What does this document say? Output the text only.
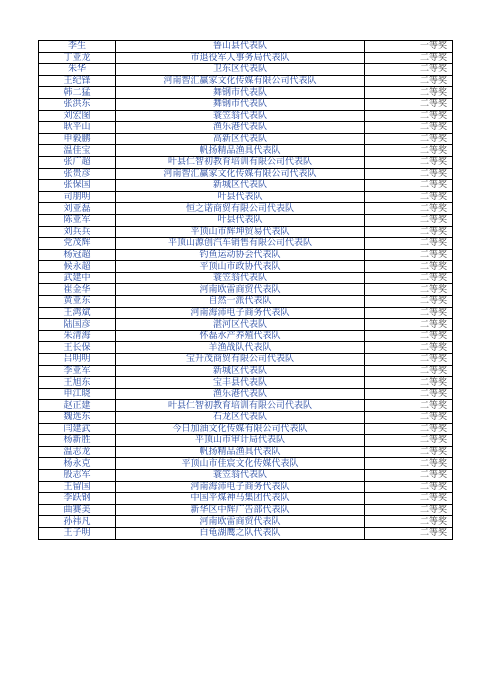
李生	鲁山县代表队	一等奖
丁亚龙	市退役军人事务局代表队	二等奖
朱华	卫东区代表队	二等奖
王纪锋	河南智汇赢家文化传媒有限公司代表队	二等奖
韩二猛	舞钢市代表队	二等奖
张洪东	舞钢市代表队	二等奖
刘宏图	蓑笠翁代表队	二等奖
耿平山	渔乐港代表队	二等奖
申毅鹏	高新区代表队	二等奖
温佳宝	帆扬精品渔具代表队	二等奖
张广超	叶县仁智初教育培训有限公司代表队	二等奖
张贵彦	河南智汇赢家文化传媒有限公司代表队	二等奖
张保国	新城区代表队	二等奖
司朋明	叶县代表队	二等奖
刘亚磊	恒之诺商贸有限公司代表队	二等奖
陈亚军	叶县代表队	二等奖
刘兵兵	平顶山市辉坤贸易代表队	二等奖
党茂辉	平顶山源创汽车销售有限公司代表队	二等奖
杨冠超	钓鱼运动协会代表队	二等奖
候永超	平顶山市政协代表队	二等奖
武建中	蓑笠翁代表队	二等奖
崔金华	河南欧雷商贸代表队	二等奖
黄亚东	自然一派代表队	二等奖
王鸿斌	河南海沛电子商务代表队	二等奖
陆国彦	湛河区代表队	二等奖
朱清海	怀磊水产养殖代表队	二等奖
王长保	羊渔战队代表队	二等奖
吕明明	宝升茂商贸有限公司代表队	二等奖
李亚军	新城区代表队	二等奖
王旭东	宝丰县代表队	二等奖
申江晓	渔乐港代表队	二等奖
赵正建	叶县仁智初教育培训有限公司代表队	二等奖
魏选东	石龙区代表队	二等奖
闫建武	今日加油文化传媒有限公司代表队	二等奖
杨新胜	平顶山市审计局代表队	二等奖
温志龙	帆扬精品渔具代表队	二等奖
杨永克	平顶山市佳宸文化传媒代表队	二等奖
殷志军	蓑笠翁代表队	二等奖
王留国	河南海沛电子商务代表队	二等奖
李跃钢	中国平煤神马集团代表队	二等奖
曲赛美	新华区中辉广告部代表队	二等奖
孙祎凡	河南欧雷商贸代表队	二等奖
王子明	白龟湖鹰之队代表队	二等奖
